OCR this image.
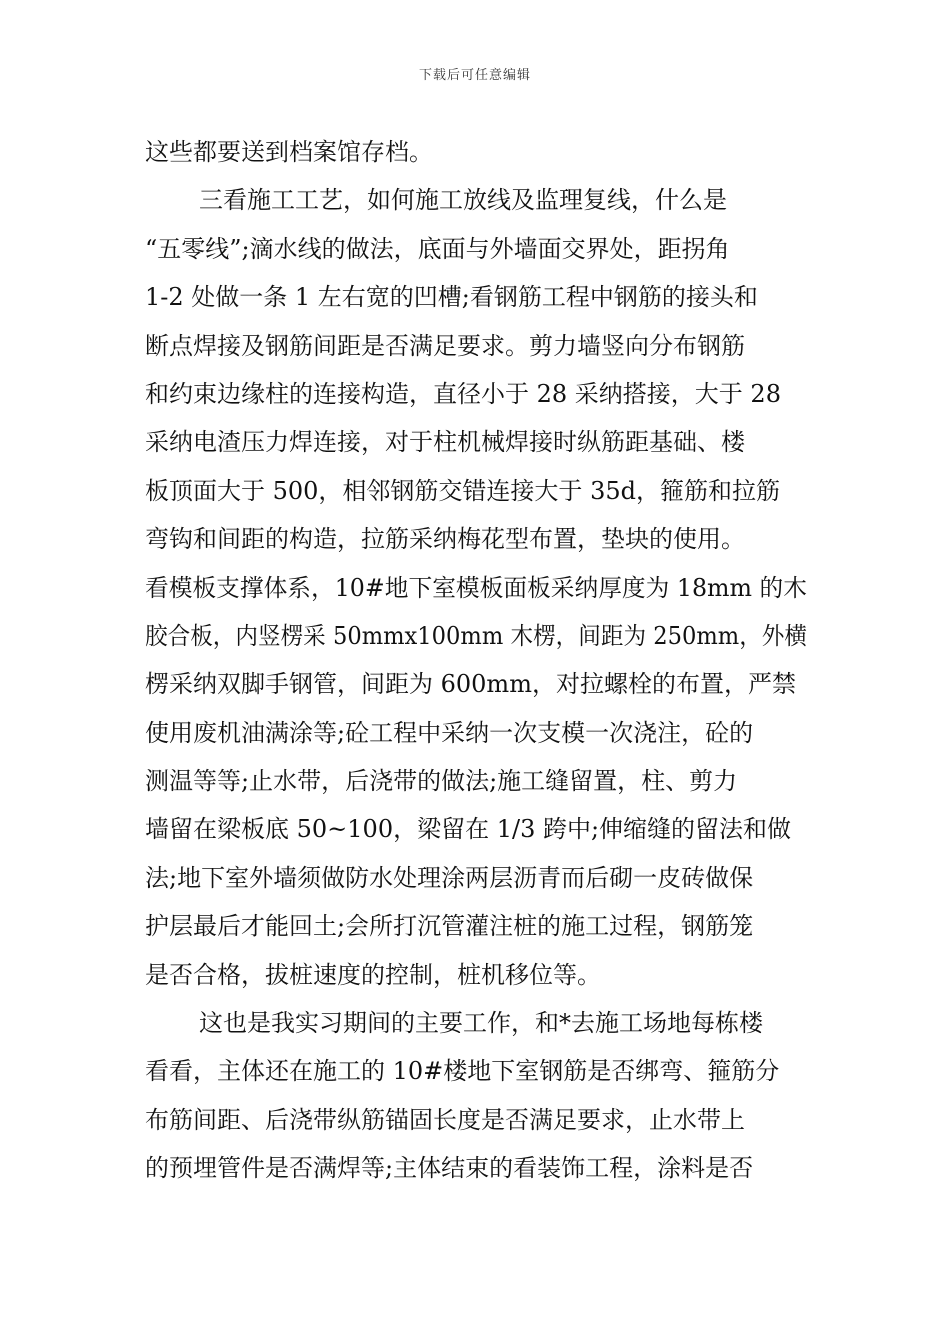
下载后可任意编辑
这些都要送到档案馆存档。
三看施工工艺，如何施工放线及监理复线，什么是
“五零线”;滴水线的做法，底面与外墙面交界处，距拐角
1-2 处做一条 1 左右宽的凹槽;看钢筋工程中钢筋的接头和
断点焊接及钢筋间距是否满足要求。剪力墙竖向分布钢筋
和约束边缘柱的连接构造，直径小于 28 采纳搭接，大于 28
采纳电渣压力焊连接，对于柱机械焊接时纵筋距基础、楼
板顶面大于 500，相邻钢筋交错连接大于 35d，箍筋和拉筋
弯钩和间距的构造，拉筋采纳梅花型布置，垫块的使用。
看模板支撑体系，10#地下室模板面板采纳厚度为 18mm 的木
胶合板，内竖楞采 50mmx100mm 木楞，间距为 250mm，外横
楞采纳双脚手钢管，间距为 600mm，对拉螺栓的布置，严禁
使用废机油满涂等;砼工程中采纳一次支模一次浇注，砼的
测温等等;止水带，后浇带的做法;施工缝留置，柱、剪力
墙留在梁板底 50~100，梁留在 1/3 跨中;伸缩缝的留法和做
法;地下室外墙须做防水处理涂两层沥青而后砌一皮砖做保
护层最后才能回土;会所打沉管灌注桩的施工过程，钢筋笼
是否合格，拔桩速度的控制，桩机移位等。
这也是我实习期间的主要工作，和*去施工场地每栋楼
看看，主体还在施工的 10#楼地下室钢筋是否绑弯、箍筋分
布筋间距、后浇带纵筋锚固长度是否满足要求，止水带上
的预埋管件是否满焊等;主体结束的看装饰工程，涂料是否
